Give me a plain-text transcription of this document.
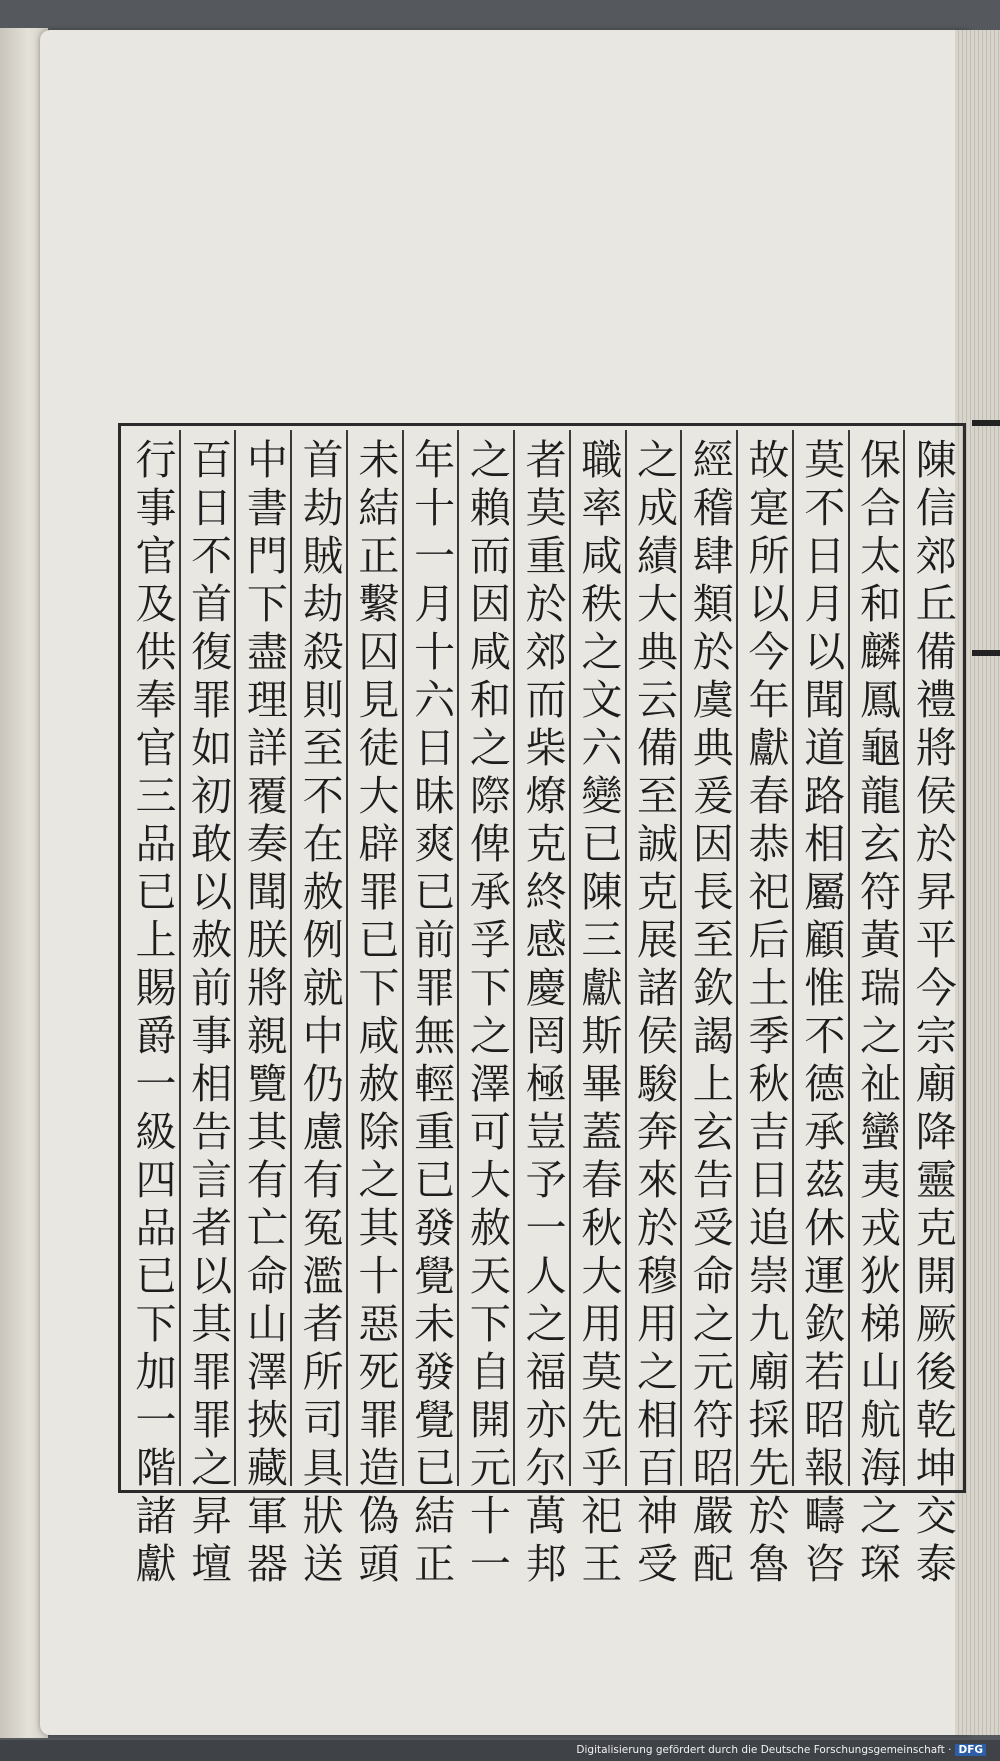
陳信郊丘備禮將侯於昇平今宗廟降靈克開厥後乾坤交泰
保合太和麟鳳龜龍玄符黃瑞之祉蠻夷戎狄梯山航海之琛
莫不日月以聞道路相屬顧惟不德承茲休運欽若昭報疇咨
故寔所以今年獻春恭祀后土季秋吉日追崇九廟採先於魯
經稽肆類於虞典爰因長至欽謁上玄告受命之元符昭嚴配
之成績大典云備至誠克展諸侯駿奔來於穆用之相百神受
職率咸秩之文六變已陳三獻斯畢蓋春秋大用莫先乎祀王
者莫重於郊而柴燎克終感慶罔極豈予一人之福亦尔萬邦
之賴而因咸和之際俾承孚下之澤可大赦天下自開元十一
年十一月十六日昧爽已前罪無輕重已發覺未發覺已結正
未結正繫囚見徒大辟罪已下咸赦除之其十惡死罪造偽頭
首劫賊劫殺則至不在赦例就中仍慮有冤濫者所司具狀送
中書門下盡理詳覆奏聞朕將親覽其有亡命山澤挾藏軍器
百日不首復罪如初敢以赦前事相告言者以其罪罪之昇壇
行事官及供奉官三品已上賜爵一級四品已下加一階諸獻
Digitalisierung gefördert durch die Deutsche Forschungsgemeinschaft · DFG
